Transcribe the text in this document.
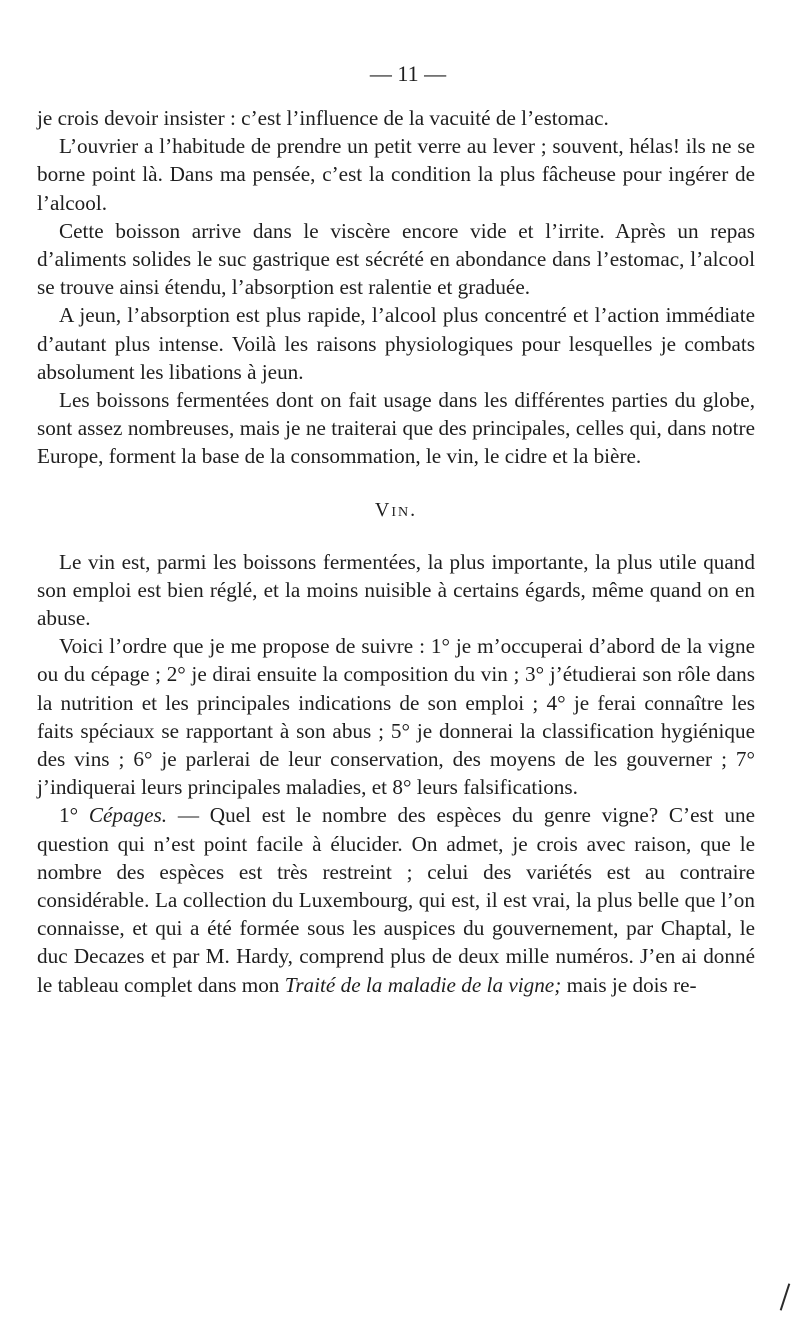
— 11 —

je crois devoir insister : c’est l’influence de la vacuité de l’estomac.

L’ouvrier a l’habitude de prendre un petit verre au lever ; souvent, hélas! ils ne se borne point là. Dans ma pensée, c’est la condition la plus fâcheuse pour ingérer de l’alcool.

Cette boisson arrive dans le viscère encore vide et l’irrite. Après un repas d’aliments solides le suc gastrique est sécrété en abondance dans l’estomac, l’alcool se trouve ainsi étendu, l’absorption est ralentie et graduée.

A jeun, l’absorption est plus rapide, l’alcool plus concentré et l’action immédiate d’autant plus intense. Voilà les raisons physiologiques pour lesquelles je combats absolument les libations à jeun.

Les boissons fermentées dont on fait usage dans les différentes parties du globe, sont assez nombreuses, mais je ne traiterai que des principales, celles qui, dans notre Europe, forment la base de la consommation, le vin, le cidre et la bière.

Vin.

Le vin est, parmi les boissons fermentées, la plus importante, la plus utile quand son emploi est bien réglé, et la moins nuisible à certains égards, même quand on en abuse.

Voici l’ordre que je me propose de suivre : 1° je m’occuperai d’abord de la vigne ou du cépage ; 2° je dirai ensuite la composition du vin ; 3° j’étudierai son rôle dans la nutrition et les principales indications de son emploi ; 4° je ferai connaître les faits spéciaux se rapportant à son abus ; 5° je donnerai la classification hygiénique des vins ; 6° je parlerai de leur conservation, des moyens de les gouverner ; 7° j’indiquerai leurs principales maladies, et 8° leurs falsifications.

1° Cépages. — Quel est le nombre des espèces du genre vigne? C’est une question qui n’est point facile à élucider. On admet, je crois avec raison, que le nombre des espèces est très restreint ; celui des variétés est au contraire considérable. La collection du Luxembourg, qui est, il est vrai, la plus belle que l’on connaisse, et qui a été formée sous les auspices du gouvernement, par Chaptal, le duc Decazes et par M. Hardy, comprend plus de deux mille numéros. J’en ai donné le tableau complet dans mon Traité de la maladie de la vigne; mais je dois re-
